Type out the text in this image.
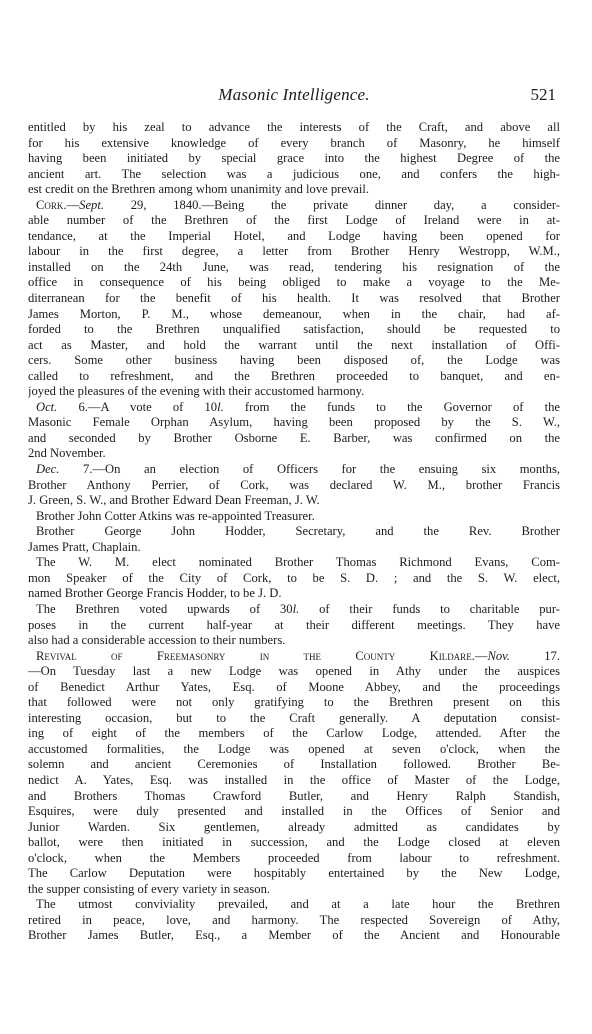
Masonic Intelligence.	521
entitled by his zeal to advance the interests of the Craft, and above all
for his extensive knowledge of every branch of Masonry, he himself
having been initiated by special grace into the highest Degree of the
ancient art. The selection was a judicious one, and confers the high-
est credit on the Brethren among whom unanimity and love prevail.
Cork.—Sept. 29, 1840.—Being the private dinner day, a consider-
able number of the Brethren of the first Lodge of Ireland were in at-
tendance, at the Imperial Hotel, and Lodge having been opened for
labour in the first degree, a letter from Brother Henry Westropp, W.M.,
installed on the 24th June, was read, tendering his resignation of the
office in consequence of his being obliged to make a voyage to the Me-
diterranean for the benefit of his health. It was resolved that Brother
James Morton, P. M., whose demeanour, when in the chair, had af-
forded to the Brethren unqualified satisfaction, should be requested to
act as Master, and hold the warrant until the next installation of Offi-
cers. Some other business having been disposed of, the Lodge was
called to refreshment, and the Brethren proceeded to banquet, and en-
joyed the pleasures of the evening with their accustomed harmony.
Oct. 6.—A vote of 10l. from the funds to the Governor of the
Masonic Female Orphan Asylum, having been proposed by the S. W.,
and seconded by Brother Osborne E. Barber, was confirmed on the
2nd November.
Dec. 7.—On an election of Officers for the ensuing six months,
Brother Anthony Perrier, of Cork, was declared W. M., brother Francis
J. Green, S. W., and Brother Edward Dean Freeman, J. W.
Brother John Cotter Atkins was re-appointed Treasurer.
Brother George John Hodder, Secretary, and the Rev. Brother
James Pratt, Chaplain.
The W. M. elect nominated Brother Thomas Richmond Evans, Com-
mon Speaker of the City of Cork, to be S. D. ; and the S. W. elect,
named Brother George Francis Hodder, to be J. D.
The Brethren voted upwards of 30l. of their funds to charitable pur-
poses in the current half-year at their different meetings. They have
also had a considerable accession to their numbers.
Revival of Freemasonry in the County Kildare.—Nov. 17.
—On Tuesday last a new Lodge was opened in Athy under the auspices
of Benedict Arthur Yates, Esq. of Moone Abbey, and the proceedings
that followed were not only gratifying to the Brethren present on this
interesting occasion, but to the Craft generally. A deputation consist-
ing of eight of the members of the Carlow Lodge, attended. After the
accustomed formalities, the Lodge was opened at seven o'clock, when the
solemn and ancient Ceremonies of Installation followed. Brother Be-
nedict A. Yates, Esq. was installed in the office of Master of the Lodge,
and Brothers Thomas Crawford Butler, and Henry Ralph Standish,
Esquires, were duly presented and installed in the Offices of Senior and
Junior Warden. Six gentlemen, already admitted as candidates by
ballot, were then initiated in succession, and the Lodge closed at eleven
o'clock, when the Members proceeded from labour to refreshment.
The Carlow Deputation were hospitably entertained by the New Lodge,
the supper consisting of every variety in season.
The utmost conviviality prevailed, and at a late hour the Brethren
retired in peace, love, and harmony. The respected Sovereign of Athy,
Brother James Butler, Esq., a Member of the Ancient and Honourable
